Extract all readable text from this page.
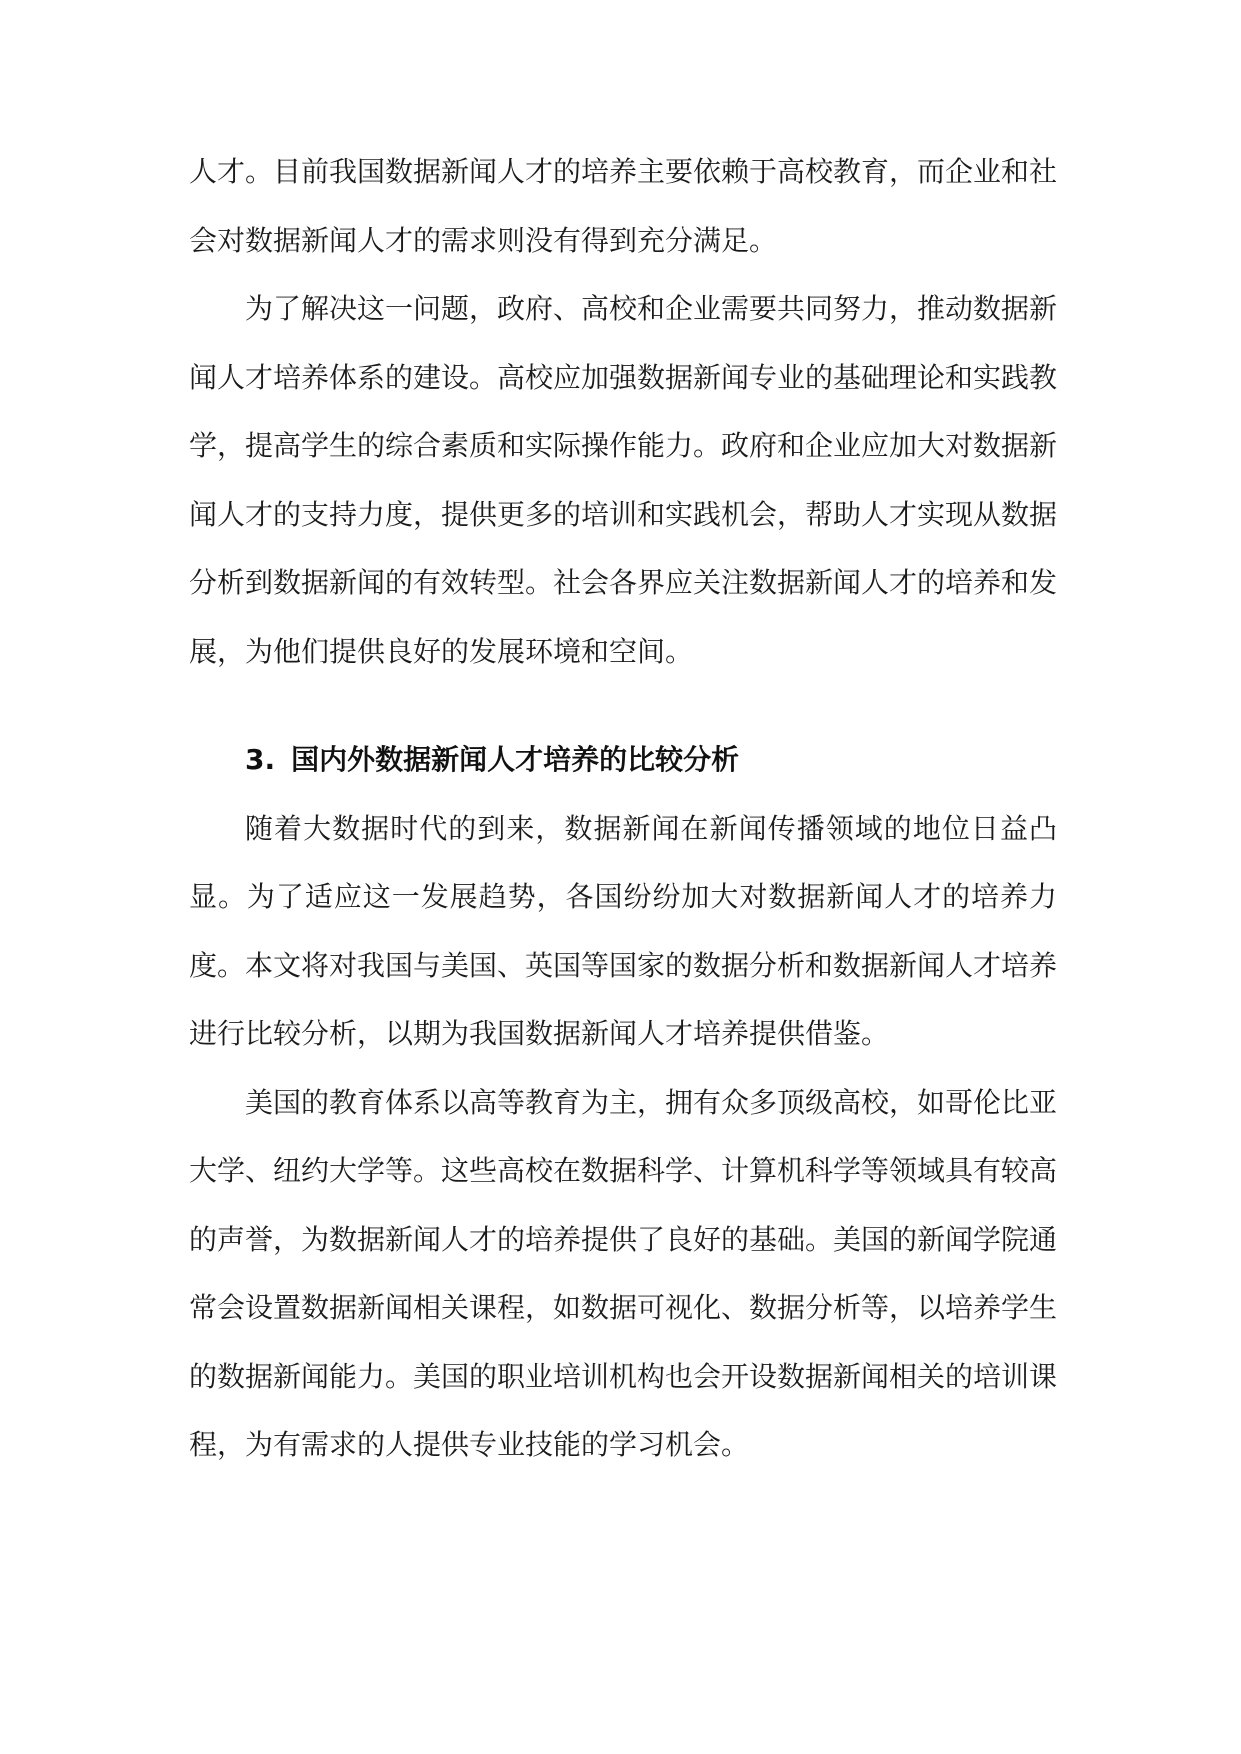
人才。目前我国数据新闻人才的培养主要依赖于高校教育，而企业和社会对数据新闻人才的需求则没有得到充分满足。

为了解决这一问题，政府、高校和企业需要共同努力，推动数据新闻人才培养体系的建设。高校应加强数据新闻专业的基础理论和实践教学，提高学生的综合素质和实际操作能力。政府和企业应加大对数据新闻人才的支持力度，提供更多的培训和实践机会，帮助人才实现从数据分析到数据新闻的有效转型。社会各界应关注数据新闻人才的培养和发展，为他们提供良好的发展环境和空间。

3. 国内外数据新闻人才培养的比较分析

随着大数据时代的到来，数据新闻在新闻传播领域的地位日益凸显。为了适应这一发展趋势，各国纷纷加大对数据新闻人才的培养力度。本文将对我国与美国、英国等国家的数据分析和数据新闻人才培养进行比较分析，以期为我国数据新闻人才培养提供借鉴。

美国的教育体系以高等教育为主，拥有众多顶级高校，如哥伦比亚大学、纽约大学等。这些高校在数据科学、计算机科学等领域具有较高的声誉，为数据新闻人才的培养提供了良好的基础。美国的新闻学院通常会设置数据新闻相关课程，如数据可视化、数据分析等，以培养学生的数据新闻能力。美国的职业培训机构也会开设数据新闻相关的培训课程，为有需求的人提供专业技能的学习机会。
